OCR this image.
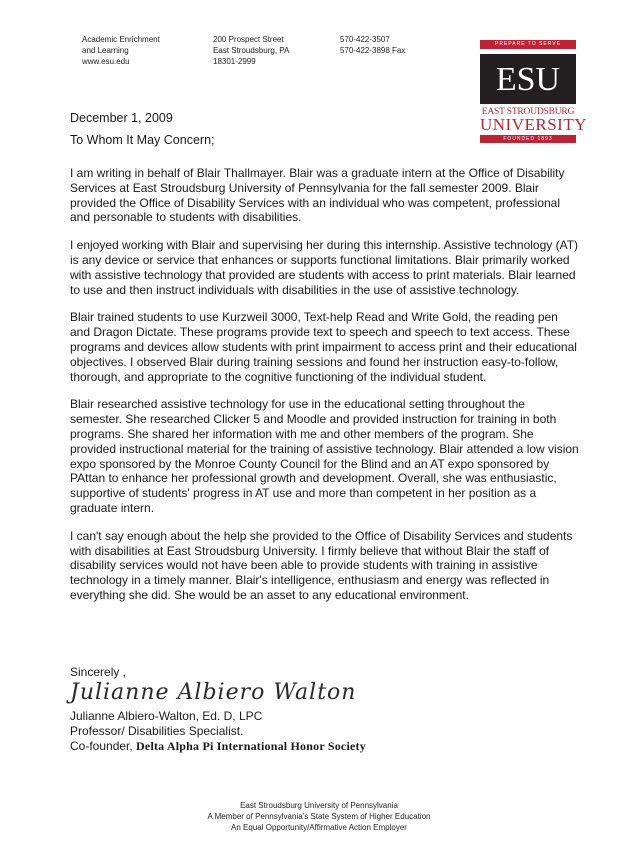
Academic Enrichment
and Learning
www.esu.edu
200 Prospect Street
East Stroudsburg, PA
18301-2999
570-422-3507
570-422-3898 Fax
PREPARE TO SERVE
ESU
EAST STROUDSBURG
UNIVERSITY
FOUNDED 1893
December 1, 2009
To Whom It May Concern;

I am writing in behalf of Blair Thallmayer. Blair was a graduate intern at the Office of Disability Services at East Stroudsburg University of Pennsylvania for the fall semester 2009. Blair provided the Office of Disability Services with an individual who was competent, professional and personable to students with disabilities.

I enjoyed working with Blair and supervising her during this internship. Assistive technology (AT) is any device or service that enhances or supports functional limitations. Blair primarily worked with assistive technology that provided are students with access to print materials. Blair learned to use and then instruct individuals with disabilities in the use of assistive technology.

Blair trained students to use Kurzweil 3000, Text-help Read and Write Gold, the reading pen and Dragon Dictate. These programs provide text to speech and speech to text access. These programs and devices allow students with print impairment to access print and their educational objectives. I observed Blair during training sessions and found her instruction easy-to-follow, thorough, and appropriate to the cognitive functioning of the individual student.

Blair researched assistive technology for use in the educational setting throughout the semester. She researched Clicker 5 and Moodle and provided instruction for training in both programs. She shared her information with me and other members of the program. She provided instructional material for the training of assistive technology. Blair attended a low vision expo sponsored by the Monroe County Council for the Blind and an AT expo sponsored by PAttan to enhance her professional growth and development. Overall, she was enthusiastic, supportive of students' progress in AT use and more than competent in her position as a graduate intern.

I can't say enough about the help she provided to the Office of Disability Services and students with disabilities at East Stroudsburg University. I firmly believe that without Blair the staff of disability services would not have been able to provide students with training in assistive technology in a timely manner. Blair's intelligence, enthusiasm and energy was reflected in everything she did. She would be an asset to any educational environment.

Sincerely ,
Julianne Albiero Walton
Julianne Albiero-Walton, Ed. D, LPC
Professor/ Disabilities Specialist.
Co-founder, Delta Alpha Pi International Honor Society
East Stroudsburg University of Pennsylvania
A Member of Pennsylvania's State System of Higher Education
An Equal Opportunity/Affirmative Action Employer
